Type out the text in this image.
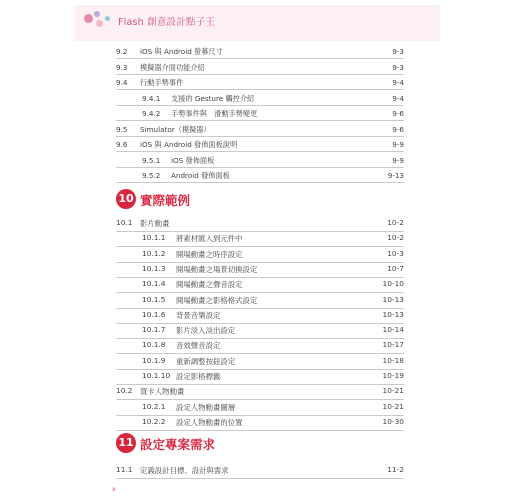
Flash 創意設計點子王
9.2 iOS 與 Android 螢幕尺寸	9-3
9.3 模擬器介面功能介紹	9-3
9.4 行動手勢事件	9-4
9.4.1 支援的 Gesture 觸控介紹	9-4
9.4.2 手勢事件與　滑動手勢變更	9-6
9.5 Simulator（模擬器）	9-6
9.6 iOS 與 Android 發佈面板說明	9-9
9.5.1 iOS 發佈面板	9-9
9.5.2 Android 發佈面板	9-13
10 實際範例
10.1 影片動畫	10-2
10.1.1 將素材匯入到元件中	10-2
10.1.2 開場動畫之時序設定	10-3
10.1.3 開場動畫之場景切換設定	10-7
10.1.4 開場動畫之聲音設定	10-10
10.1.5 開場動畫之影格格式設定	10-13
10.1.6 背景音樂設定	10-13
10.1.7 影片淡入淡出設定	10-14
10.1.8 音效聲音設定	10-17
10.1.9 重新調整按鈕設定	10-18
10.1.10 設定影格標籤	10-19
10.2 賀卡人物動畫	10-21
10.2.1 設定人物動畫圖層	10-21
10.2.2 設定人物動畫的位置	10-30
11 設定專案需求
11.1 定義設計目標、設計與需求	11-2
x
